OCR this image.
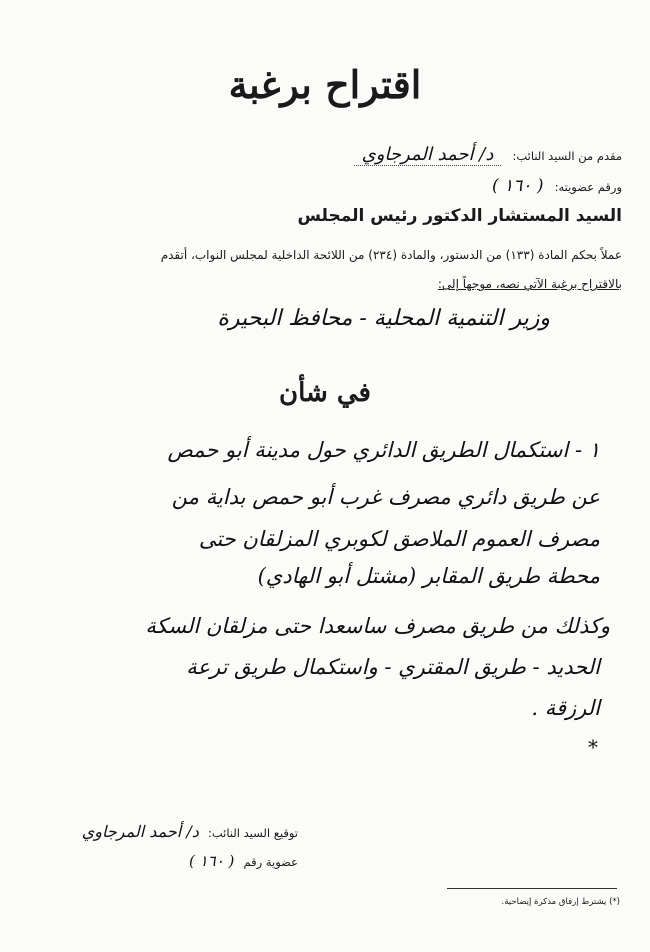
اقتراح برغبة
مقدم من السيد النائب: د/ أحمد المرجاوي
ورقم عضويته: ( ١٦٠ )
السيد المستشار الدكتور رئيس المجلس
عملاً بحكم المادة (١٣٣) من الدستور، والمادة (٢٣٤) من اللائحة الداخلية لمجلس النواب، أتقدم
بالاقتراح برغبة الآتي نصه، موجهاً إلى:
وزير التنمية المحلية - محافظ البحيرة
في شأن
١ - استكمال الطريق الدائري حول مدينة أبو حمص
عن طريق دائري مصرف غرب أبو حمص بداية من
مصرف العموم الملاصق لكوبري المزلقان حتى
محطة طريق المقابر (مشتل أبو الهادي)
وكذلك من طريق مصرف ساسعدا حتى مزلقان السكة
الحديد - طريق المقتري - واستكمال طريق ترعة
الرزقة .
*
توقيع السيد النائب: د/ أحمد المرجاوي
عضوية رقم ( ١٦٠ )
(*) يشترط إرفاق مذكرة إيضاحية.
